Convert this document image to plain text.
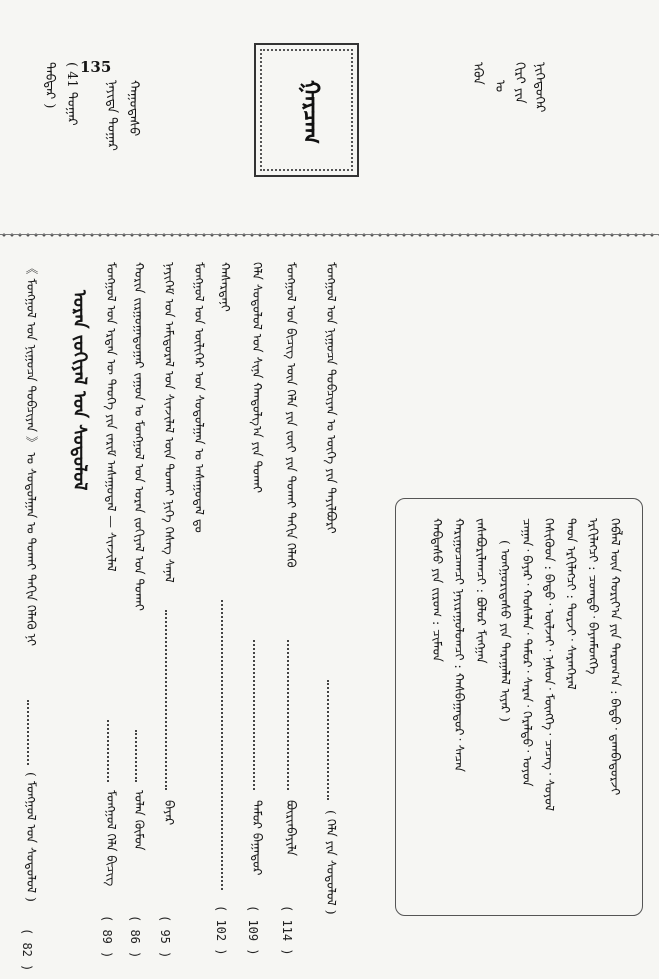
ᠳᠡᠪᠲᠡᠷ ) ( 41 ᠳᠤᠭᠠᠷ 135
ᠨᠡᠶᠢᠲᠡ ᠳᠤᠭᠠᠷ ᠬᠠᠭᠤᠳᠠᠰᠤ	ᠭᠠᠷᠴᠠᠭ
ᠡᠭᠦᠨ
ᠣ ᠬᠢᠷᠢ ᠶᠢᠨ ᠨᠢᠭᠡᠳᠦᠭᠡᠷ
《 ᠮᠣᠩᠭᠣᠯ ᠤᠨ ᠨᠢᠭᠤᠴᠠ ᠲᠣᠪᠴᠢᠶᠠᠨ 》 ᠤ ᠰᠤᠳᠤᠯᠭᠠᠨ ᠤ ᠲᠤᠬᠠᠢ ᠳᠠᠬᠢᠨ ᠬᠡᠯᠡᠬᠦ ᠨᠢ
( ᠮᠣᠩᠭᠣᠯ ᠤᠨ ᠰᠤᠳᠤᠯᠤᠯ )
( 82 )
ᠤᠷᠠᠨ ᠵᠣᠬᠢᠶᠠᠯ ᠤᠨ ᠰᠤᠳᠤᠯᠤᠯ	ᠮᠣᠩᠭᠣᠯ ᠤᠨ ᠡᠷᠲᠡᠨ ᠦ ᠲᠡᠦᠬᠡ ᠶᠢᠨ ᠵᠠᠷᠢᠮ ᠠᠰᠠᠭᠤᠳᠠᠯ — ᠰᠢᠨᠵᠢᠯᠡᠯ
ᠮᠣᠩᠭᠣᠯ ᠬᠡᠯᠡ ᠪᠢᠴᠢᠭ
( 89 )
ᠬᠣᠷᠢᠨ ᠵᠢᠷᠭᠤᠭᠠᠳᠤᠭᠠᠷ ᠵᠠᠭᠤᠨ ᠤ ᠮᠣᠩᠭᠣᠯ ᠤᠨ ᠤᠷᠠᠨ ᠵᠣᠬᠢᠶᠠᠯ ᠤᠨ ᠲᠤᠬᠠᠢ
ᠣᠯᠠᠨ ᠬᠦᠮᠦᠨ
( 86 )
ᠨᠡᠶᠢᠭᠡᠮ ᠤᠨ ᠠᠮᠢᠳᠤᠷᠠᠯ ᠤᠨ ᠰᠢᠨᠵᠢᠯᠡᠯ ᠦᠨ ᠲᠤᠬᠠᠢ ᠨᠢᠭᠡ ᠬᠡᠰᠡᠭ ᠰᠠᠨᠠᠯ
ᠪᠠᠶᠠᠷ
( 95 )
ᠮᠣᠩᠭᠣᠯ ᠤᠨ ᠦᠯᠢᠭᠡᠷ ᠤᠨ ᠰᠤᠳᠤᠯᠭᠠᠨ ᠤ ᠠᠰᠠᠭᠤᠳᠠᠯ ᠳᠤ ᠬᠠᠰᠡᠷᠳᠡᠨᠢ
( 102 )
ᠬᠡᠯᠡ ᠰᠤᠳᠤᠯᠤᠯ ᠤᠨ ᠰᠢᠨᠡ ᠬᠠᠨᠳᠤᠯᠭ᠎ᠠ ᠶᠢᠨ ᠲᠤᠬᠠᠢ
ᠲᠡᠮᠦᠷ ᠪᠠᠭᠠᠲᠤᠷ
( 109 )
ᠮᠣᠩᠭᠣᠯ ᠤᠨ ᠪᠢᠴᠢᠭ ᠦᠨ ᠬᠡᠯᠡ ᠶᠢᠨ ᠵᠦᠢ ᠶᠢᠨ ᠲᠤᠬᠠᠢ ᠳᠠᠬᠢᠨ ᠬᠡᠯᠡᠬᠦ
ᠪᠦᠷᠢᠨᠪᠡᠶᠢᠯᠡ
( 114 )
ᠮᠣᠩᠭᠣᠯ ᠤᠨ ᠨᠢᠭᠤᠴᠠ ᠲᠣᠪᠴᠢᠶᠠᠨ ᠤ ᠦᠭᠡ ᠶᠢᠨ ᠲᠠᠶᠢᠯᠪᠤᠷᠢ
( ᠬᠡᠯᠡ ᠶᠢᠨ ᠰᠤᠳᠤᠯᠤᠯ )
ᠬᠡᠪᠯᠡᠯ ᠦᠨ ᠬᠣᠷᠢᠶ᠎ᠠ ᠶᠢᠨ ᠳᠠᠷᠤᠭ᠎ᠠ : ᠪᠠᠲᠤ᠂ ᠳ᠋ᠠᠭᠪᠠᠳᠣᠷᠵᠢ
ᠡᠷᠬᠢᠯᠡᠭᠴᠢ : ᠴᠣᠭᠲᠤ᠂ ᠪᠠᠶᠠᠨᠮᠥᠩᠬᠡ
ᠳᠡᠳ ᠡᠷᠬᠢᠯᠡᠭᠴᠢ : ᠳᠣᠷᠵᠢ᠂ ᠰᠠᠷᠠᠨᠭᠡᠷᠡᠯ
ᠭᠡᠰᠢᠭᠦᠳ : ᠪᠠᠲᠦ᠂ ᠦᠯᠵᠡᠢ᠂ ᠨᠠᠰᠤᠨ᠂ ᠮᠦᠩᠬᠡ᠂ ᠴᠡᠴᠡᠭ᠂ ᠰᠣᠶᠣᠯ
ᠴᠠᠭᠠᠨ᠂ ᠪᠠᠶᠠᠷ᠂ ᠬᠤᠰᠡᠯᠡᠨ᠂ ᠲᠡᠮᠦᠷ᠂ ᠰᠠᠷᠠᠨ᠂ ᠭᠡᠷᠡᠯᠲᠦ᠂ ᠣᠶᠤᠨ
( ᠣᠩᠭᠣᠷᠢᠳᠠᠰᠤ ᠶᠢᠨ ᠳᠠᠷᠠᠭᠠᠯᠠᠯ ᠢᠶᠠᠷ )
ᠵᠠᠰᠠᠪᠤᠷᠢᠯᠠᠭᠴᠢ : ᠪᠣᠯᠣᠷ ᠮᠢᠩᠭᠠᠨ
ᠬᠠᠷᠢᠭᠤᠴᠠᠭᠴᠢ ᠨᠠᠶᠢᠷᠠᠭᠤᠯᠤᠭᠴᠢ : ᠬᠠᠰᠪᠠᠭᠠᠲᠤᠷ᠂ ᠰᠡᠴᠡᠨ
ᠬᠠᠪᠲᠠᠰᠤ ᠶᠢᠨ ᠵᠢᠷᠤᠭ : ᠴᠢᠮᠡᠳ
